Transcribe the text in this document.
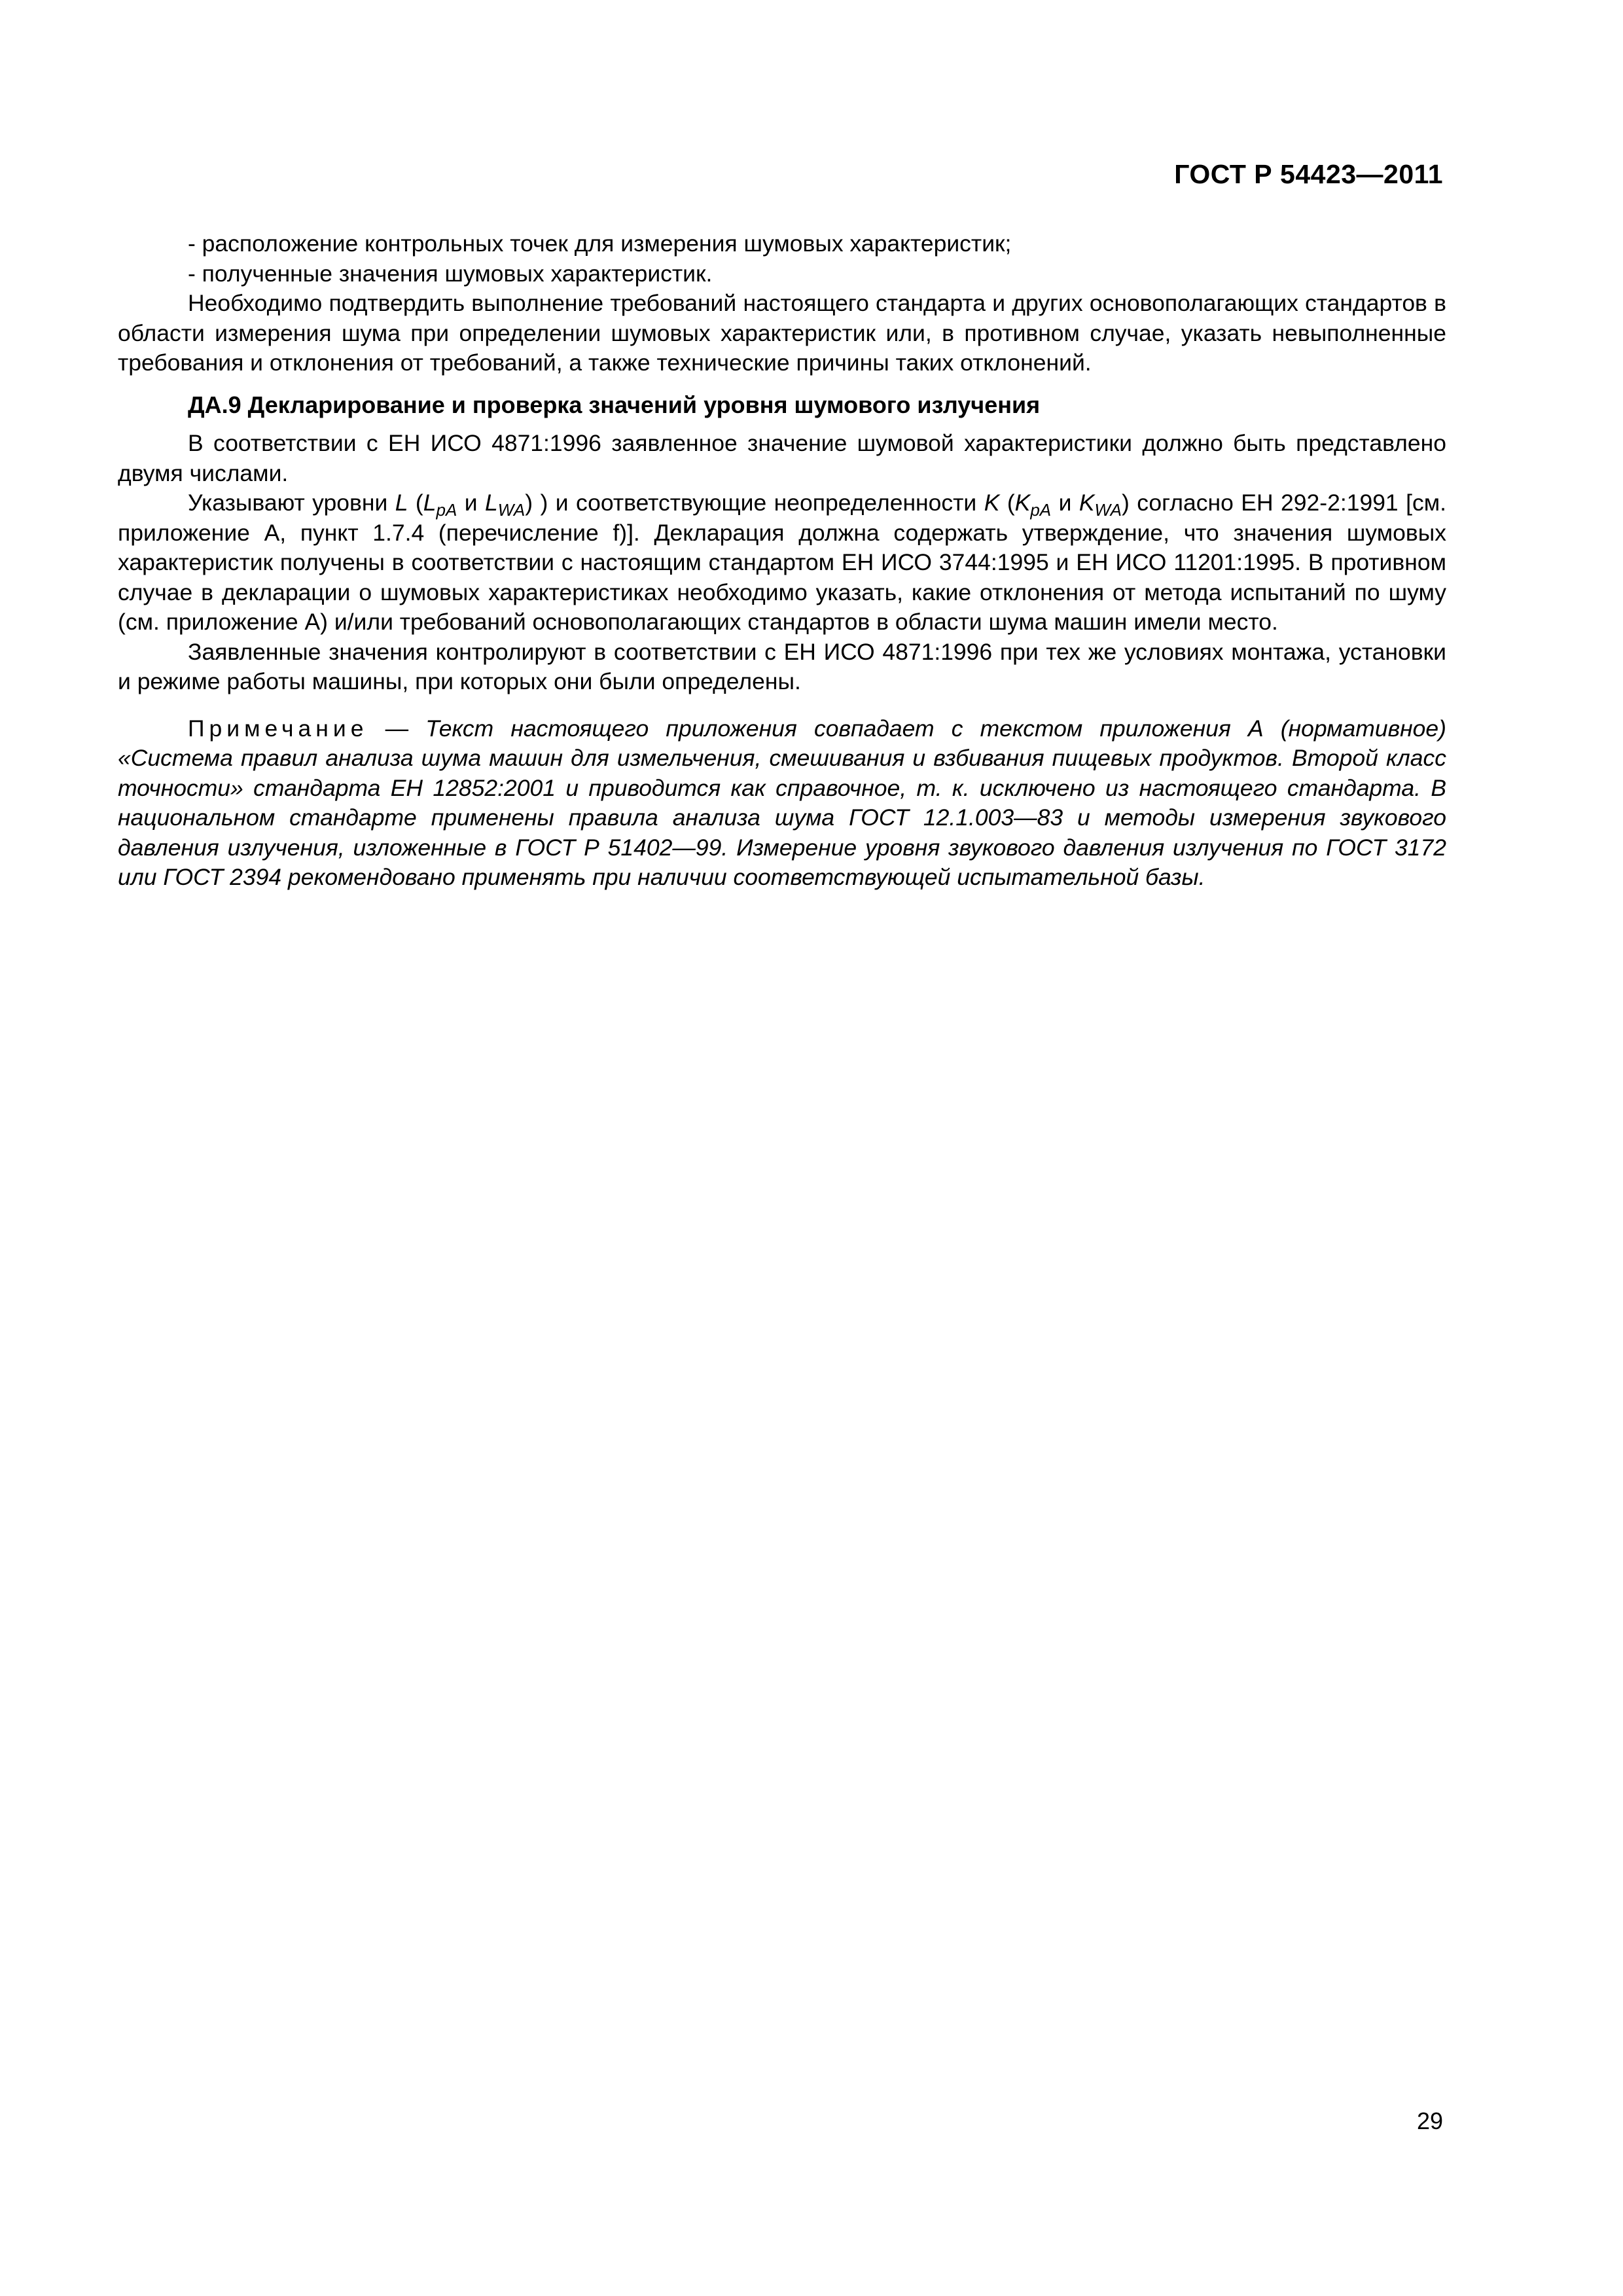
ГОСТ Р 54423—2011

- расположение контрольных точек для измерения шумовых характеристик;

- полученные значения шумовых характеристик.

Необходимо подтвердить выполнение требований настоящего стандарта и других основополагающих стандартов в области измерения шума при определении шумовых характеристик или, в противном случае, указать невыполненные требования и отклонения от требований, а также технические причины таких отклонений.

ДА.9 Декларирование и проверка значений уровня шумового излучения

В соответствии с ЕН ИСО 4871:1996 заявленное значение шумовой характеристики должно быть представлено двумя числами.

Указывают уровни L ($L_{pA}$ и $L_{WA}$) ) и соответствующие неопределенности K ($K_{pA}$ и $K_{WA}$) согласно ЕН 292-2:1991 [см. приложение А, пункт 1.7.4 (перечисление f)]. Декларация должна содержать утверждение, что значения шумовых характеристик получены в соответствии с настоящим стандартом ЕН ИСО 3744:1995 и ЕН ИСО 11201:1995. В противном случае в декларации о шумовых характеристиках необходимо указать, какие отклонения от метода испытаний по шуму (см. приложение А) и/или требований основополагающих стандартов в области шума машин имели место.

Заявленные значения контролируют в соответствии с ЕН ИСО 4871:1996 при тех же условиях монтажа, установки и режиме работы машины, при которых они были определены.

Примечание — Текст настоящего приложения совпадает с текстом приложения А (нормативное) «Система правил анализа шума машин для измельчения, смешивания и взбивания пищевых продуктов. Второй класс точности» стандарта ЕН 12852:2001 и приводится как справочное, т. к. исключено из настоящего стандарта. В национальном стандарте применены правила анализа шума ГОСТ 12.1.003—83 и методы измерения звукового давления излучения, изложенные в ГОСТ Р 51402—99. Измерение уровня звукового давления излучения по ГОСТ 3172 или ГОСТ 2394 рекомендовано применять при наличии соответствующей испытательной базы.

29
